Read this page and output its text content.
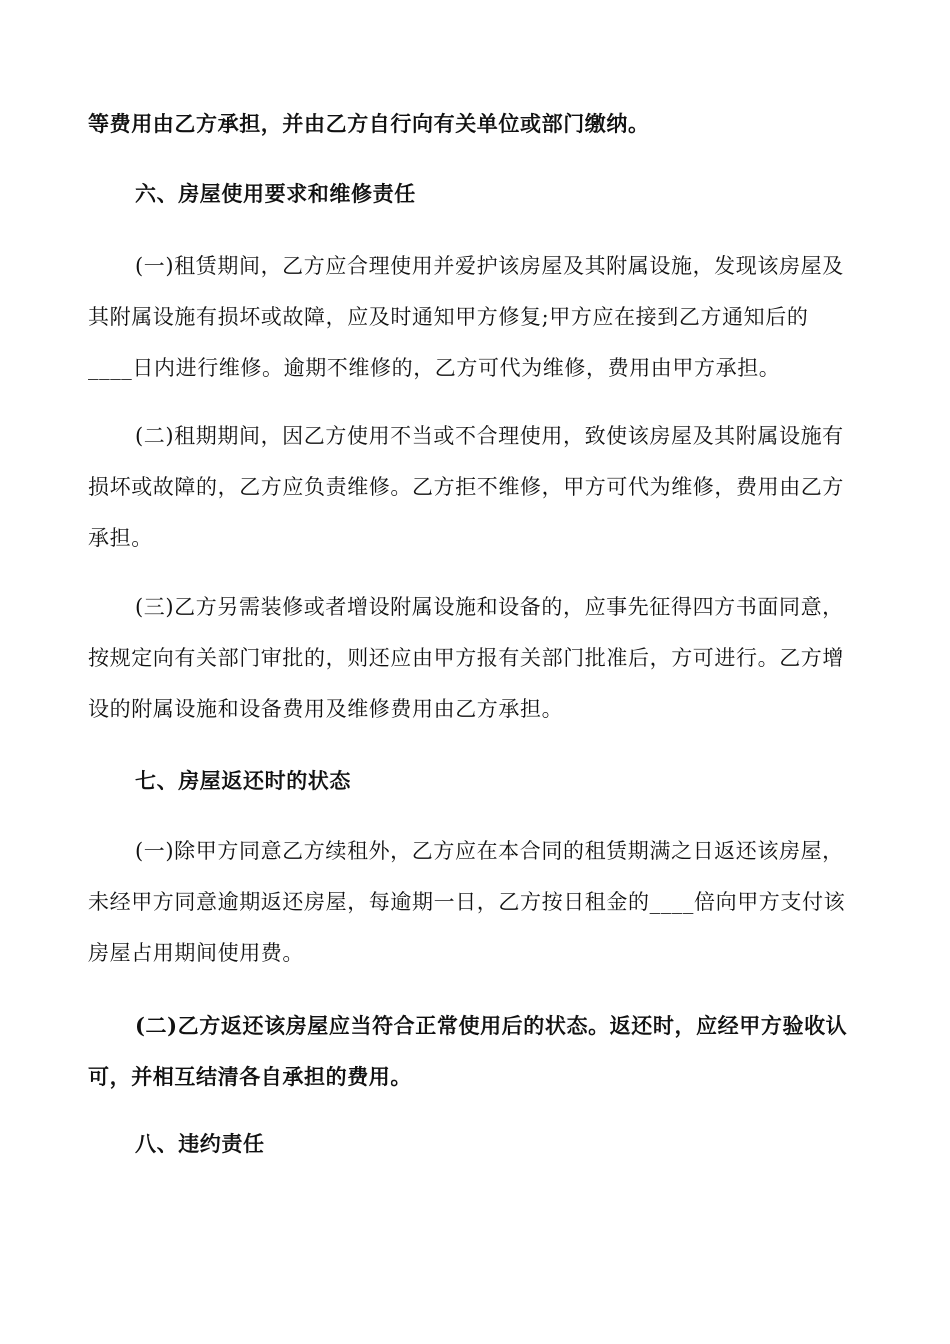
等费用由乙方承担，并由乙方自行向有关单位或部门缴纳。

六、房屋使用要求和维修责任

(一)租赁期间，乙方应合理使用并爱护该房屋及其附属设施，发现该房屋及
其附属设施有损坏或故障，应及时通知甲方修复;甲方应在接到乙方通知后的
____日内进行维修。逾期不维修的，乙方可代为维修，费用由甲方承担。

(二)租期期间，因乙方使用不当或不合理使用，致使该房屋及其附属设施有
损坏或故障的，乙方应负责维修。乙方拒不维修，甲方可代为维修，费用由乙方
承担。

(三)乙方另需装修或者增设附属设施和设备的，应事先征得四方书面同意，
按规定向有关部门审批的，则还应由甲方报有关部门批准后，方可进行。乙方增
设的附属设施和设备费用及维修费用由乙方承担。

七、房屋返还时的状态

(一)除甲方同意乙方续租外，乙方应在本合同的租赁期满之日返还该房屋，
未经甲方同意逾期返还房屋，每逾期一日，乙方按日租金的____倍向甲方支付该
房屋占用期间使用费。

(二)乙方返还该房屋应当符合正常使用后的状态。返还时，应经甲方验收认
可，并相互结清各自承担的费用。

八、违约责任
